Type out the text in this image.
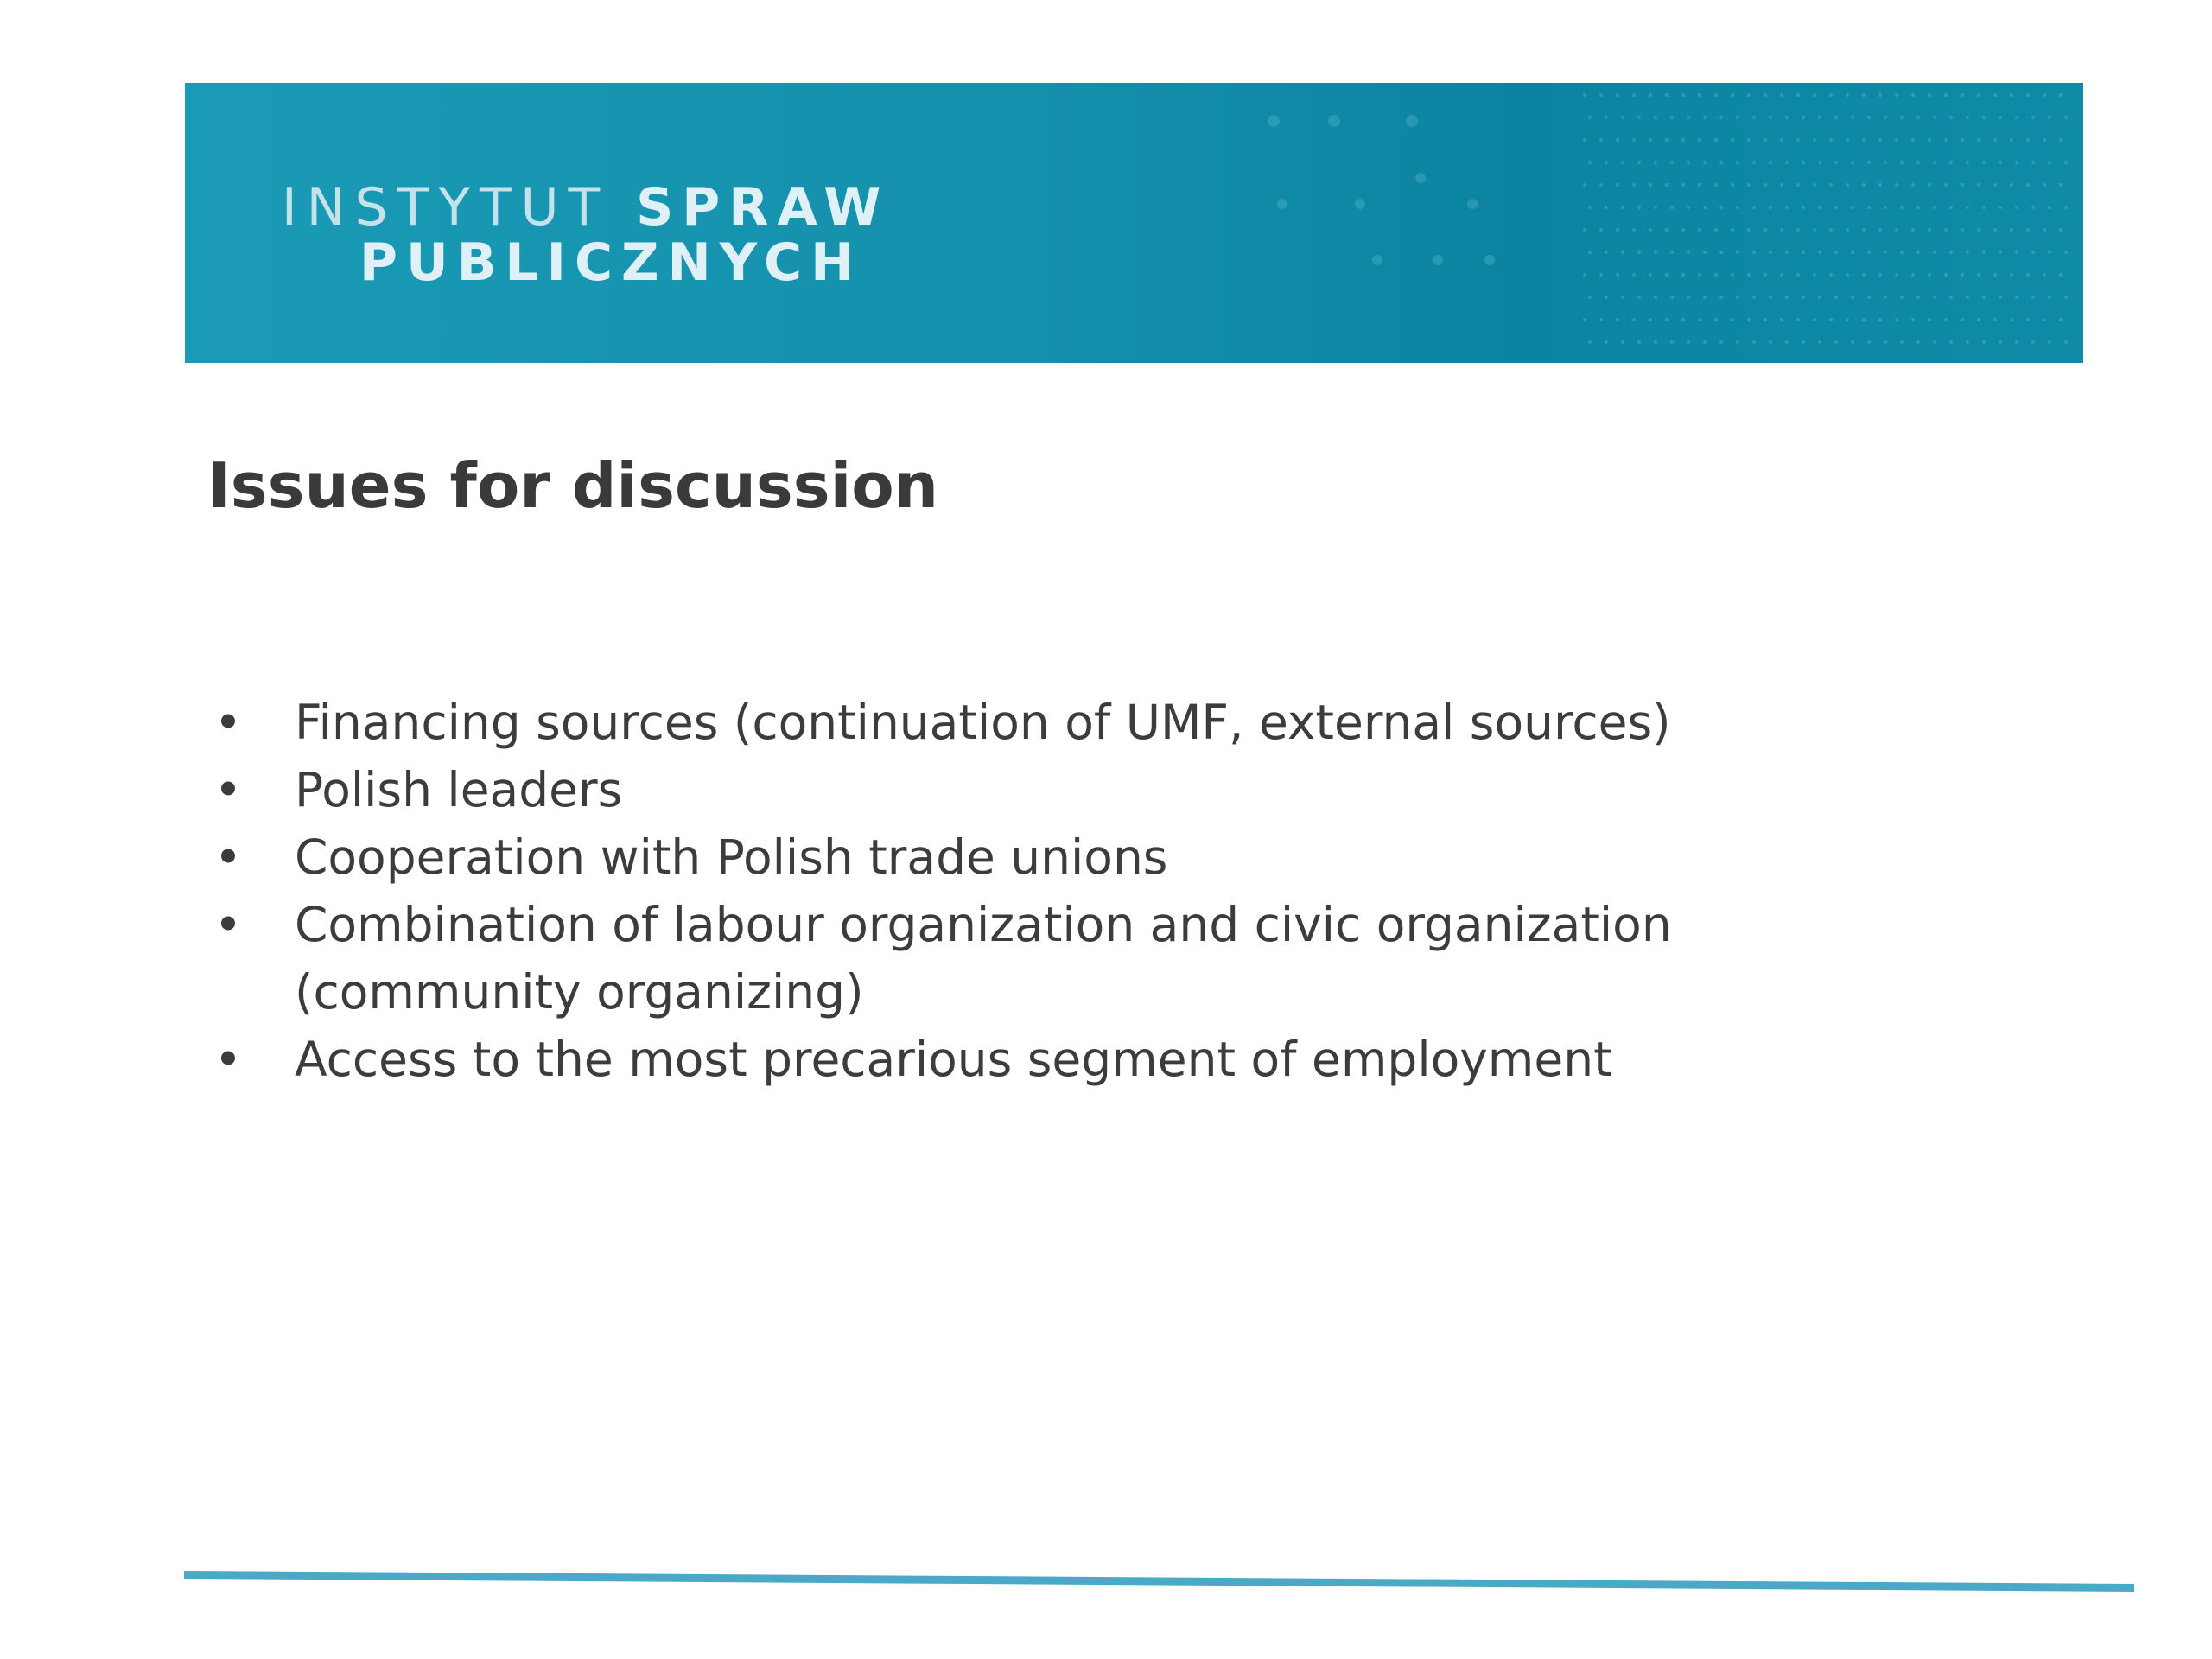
INSTYTUT SPRAW
PUBLICZNYCH
Issues for discussion
• Financing sources (continuation of UMF, external sources)
• Polish leaders
• Cooperation with Polish trade unions
• Combination of labour organization and civic organization (community organizing)
• Access to the most precarious segment of employment
